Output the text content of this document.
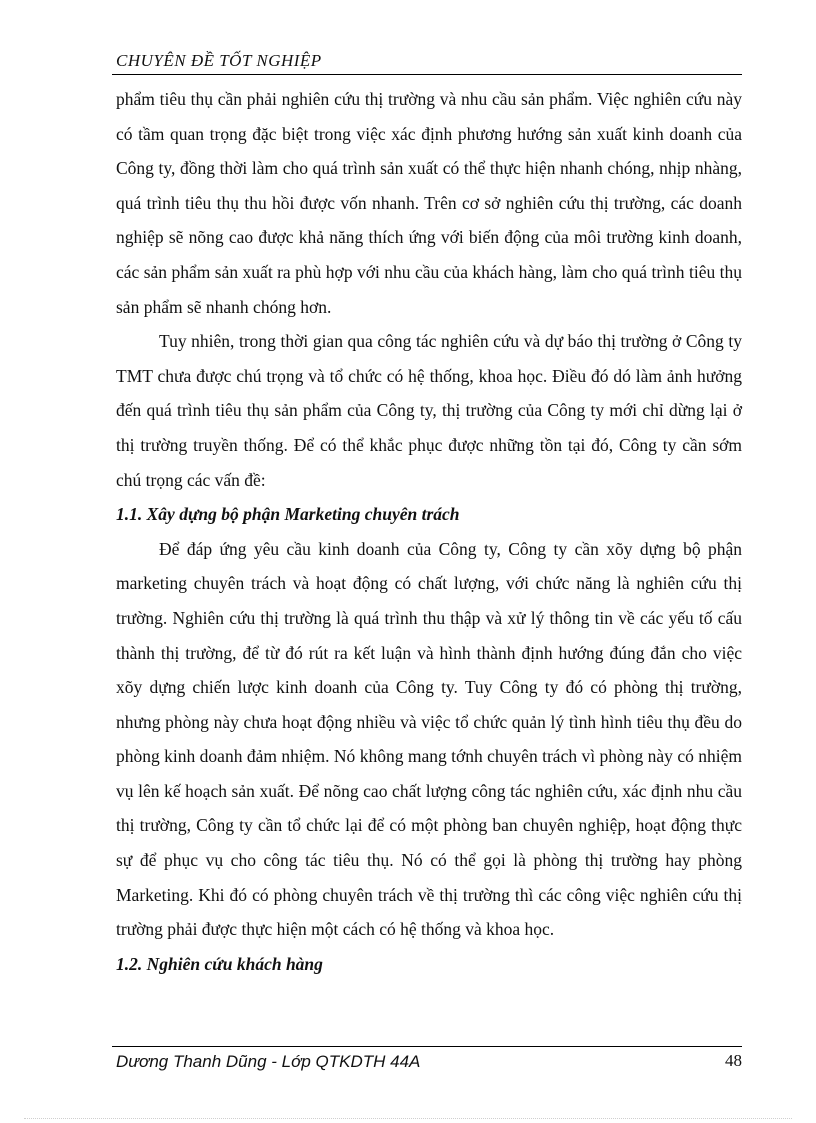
CHUYÊN ĐỀ TỐT NGHIỆP

phẩm tiêu thụ cần phải nghiên cứu thị trường và nhu cầu sản phẩm. Việc nghiên cứu này có tầm quan trọng đặc biệt trong việc xác định phương hướng sản xuất kinh doanh của Công ty, đồng thời làm cho quá trình sản xuất có thể thực hiện nhanh chóng, nhịp nhàng, quá trình tiêu thụ thu hồi được vốn nhanh. Trên cơ sở nghiên cứu thị trường, các doanh nghiệp sẽ nõng cao được khả năng thích ứng với biến động của môi trường kinh doanh, các sản phẩm sản xuất ra phù hợp với nhu cầu của khách hàng, làm cho quá trình tiêu thụ sản phẩm sẽ nhanh chóng hơn.

Tuy nhiên, trong thời gian qua công tác nghiên cứu và dự báo thị trường ở Công ty TMT chưa được chú trọng và tổ chức có hệ thống, khoa học. Điều đó dó làm ảnh hưởng đến quá trình tiêu thụ sản phẩm của Công ty, thị trường của Công ty mới chỉ dừng lại ở thị trường truyền thống. Để có thể khắc phục được những tồn tại đó, Công ty cần sớm chú trọng các vấn đề:

1.1. Xây dựng bộ phận Marketing chuyên trách

Để đáp ứng yêu cầu kinh doanh của Công ty, Công ty cần xõy dựng bộ phận marketing chuyên trách và hoạt động có chất lượng, với chức năng là nghiên cứu thị trường. Nghiên cứu thị trường là quá trình thu thập và xử lý thông tin về các yếu tố cấu thành thị trường, để từ đó rút ra kết luận và hình thành định hướng đúng đắn cho việc xõy dựng chiến lược kinh doanh của Công ty. Tuy Công ty đó có phòng thị trường, nhưng phòng này chưa hoạt động nhiều và việc tổ chức quản lý tình hình tiêu thụ đều do phòng kinh doanh đảm nhiệm. Nó không mang tớnh chuyên trách vì phòng này có nhiệm vụ lên kế hoạch sản xuất. Để nõng cao chất lượng công tác nghiên cứu, xác định nhu cầu thị trường, Công ty cần tổ chức lại để có một phòng ban chuyên nghiệp, hoạt động thực sự để phục vụ cho công tác tiêu thụ. Nó có thể gọi là phòng thị trường hay phòng Marketing. Khi đó có phòng chuyên trách về thị trường thì các công việc nghiên cứu thị trường phải được thực hiện một cách có hệ thống và khoa học.

1.2. Nghiên cứu khách hàng
Dương Thanh Dũng - Lớp QTKDTH 44A	48
